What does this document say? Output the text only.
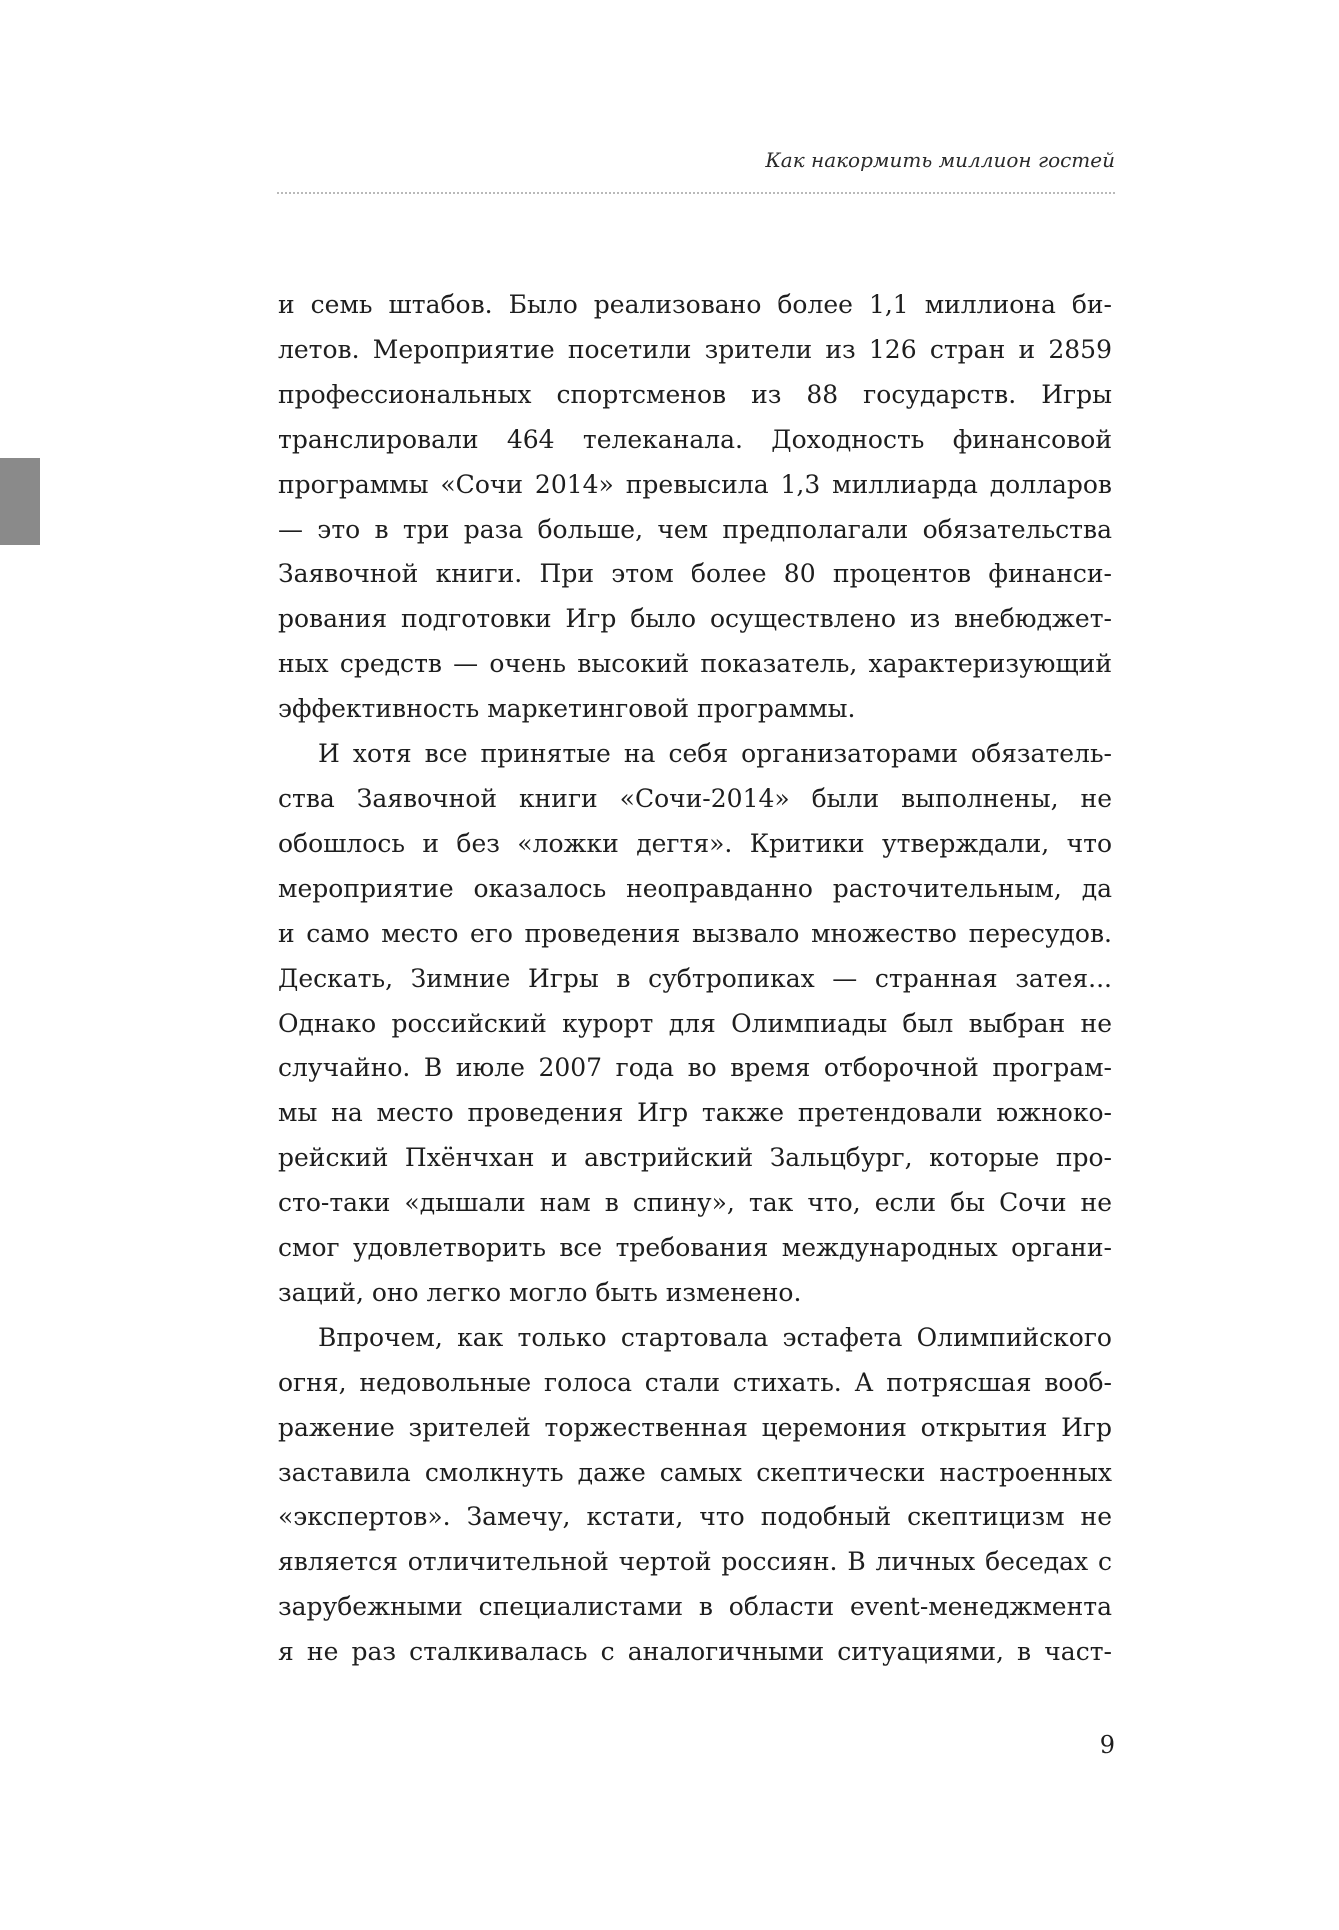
Как накормить миллион гостей

и семь штабов. Было реализовано более 1,1 миллиона би-
летов. Мероприятие посетили зрители из 126 стран и 2859
профессиональных спортсменов из 88 государств. Игры
транслировали 464 телеканала. Доходность финансовой
программы «Сочи 2014» превысила 1,3 миллиарда долларов
— это в три раза больше, чем предполагали обязательства
Заявочной книги. При этом более 80 процентов финанси-
рования подготовки Игр было осуществлено из внебюджет-
ных средств — очень высокий показатель, характеризующий
эффективность маркетинговой программы.

И хотя все принятые на себя организаторами обязатель-
ства Заявочной книги «Сочи-2014» были выполнены, не
обошлось и без «ложки дегтя». Критики утверждали, что
мероприятие оказалось неоправданно расточительным, да
и само место его проведения вызвало множество пересудов.
Дескать, Зимние Игры в субтропиках — странная затея...
Однако российский курорт для Олимпиады был выбран не
случайно. В июле 2007 года во время отборочной програм-
мы на место проведения Игр также претендовали южноко-
рейский Пхёнчхан и австрийский Зальцбург, которые про-
сто-таки «дышали нам в спину», так что, если бы Сочи не
смог удовлетворить все требования международных органи-
заций, оно легко могло быть изменено.

Впрочем, как только стартовала эстафета Олимпийского
огня, недовольные голоса стали стихать. А потрясшая вооб-
ражение зрителей торжественная церемония открытия Игр
заставила смолкнуть даже самых скептически настроенных
«экспертов». Замечу, кстати, что подобный скептицизм не
является отличительной чертой россиян. В личных беседах с
зарубежными специалистами в области event-менеджмента
я не раз сталкивалась с аналогичными ситуациями, в част-

9
